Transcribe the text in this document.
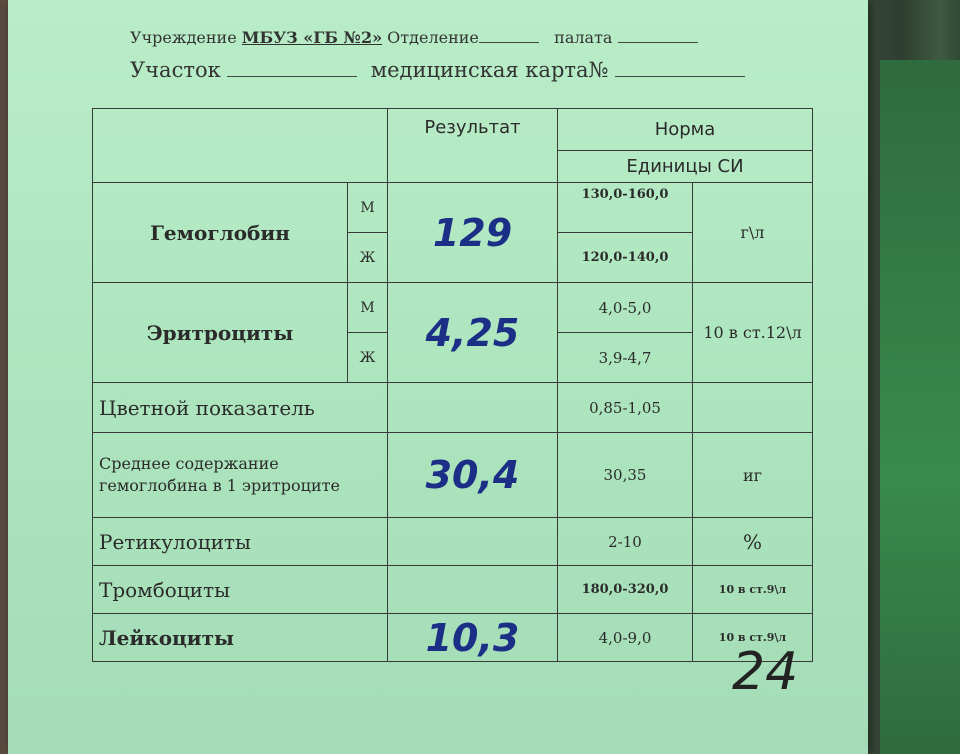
Учреждение МБУЗ «ГБ №2» Отделение	палата
Участок	медицинская карта№
		Результат	Норма	
			Единицы СИ	
Гемоглобин	М	129	130,0-160,0	г\л
	Ж		120,0-140,0	
Эритроциты	М	4,25	4,0-5,0	10 в ст.12\л
	Ж		3,9-4,7	
Цветной показатель			0,85-1,05	
Среднее содержание гемоглобина в 1 эритроците		30,4	30,35	иг
Ретикулоциты			2-10	%
Тромбоциты			180,0-320,0	10 в ст.9\л
Лейкоциты		10,3	4,0-9,0	10 в ст.9\л
24
